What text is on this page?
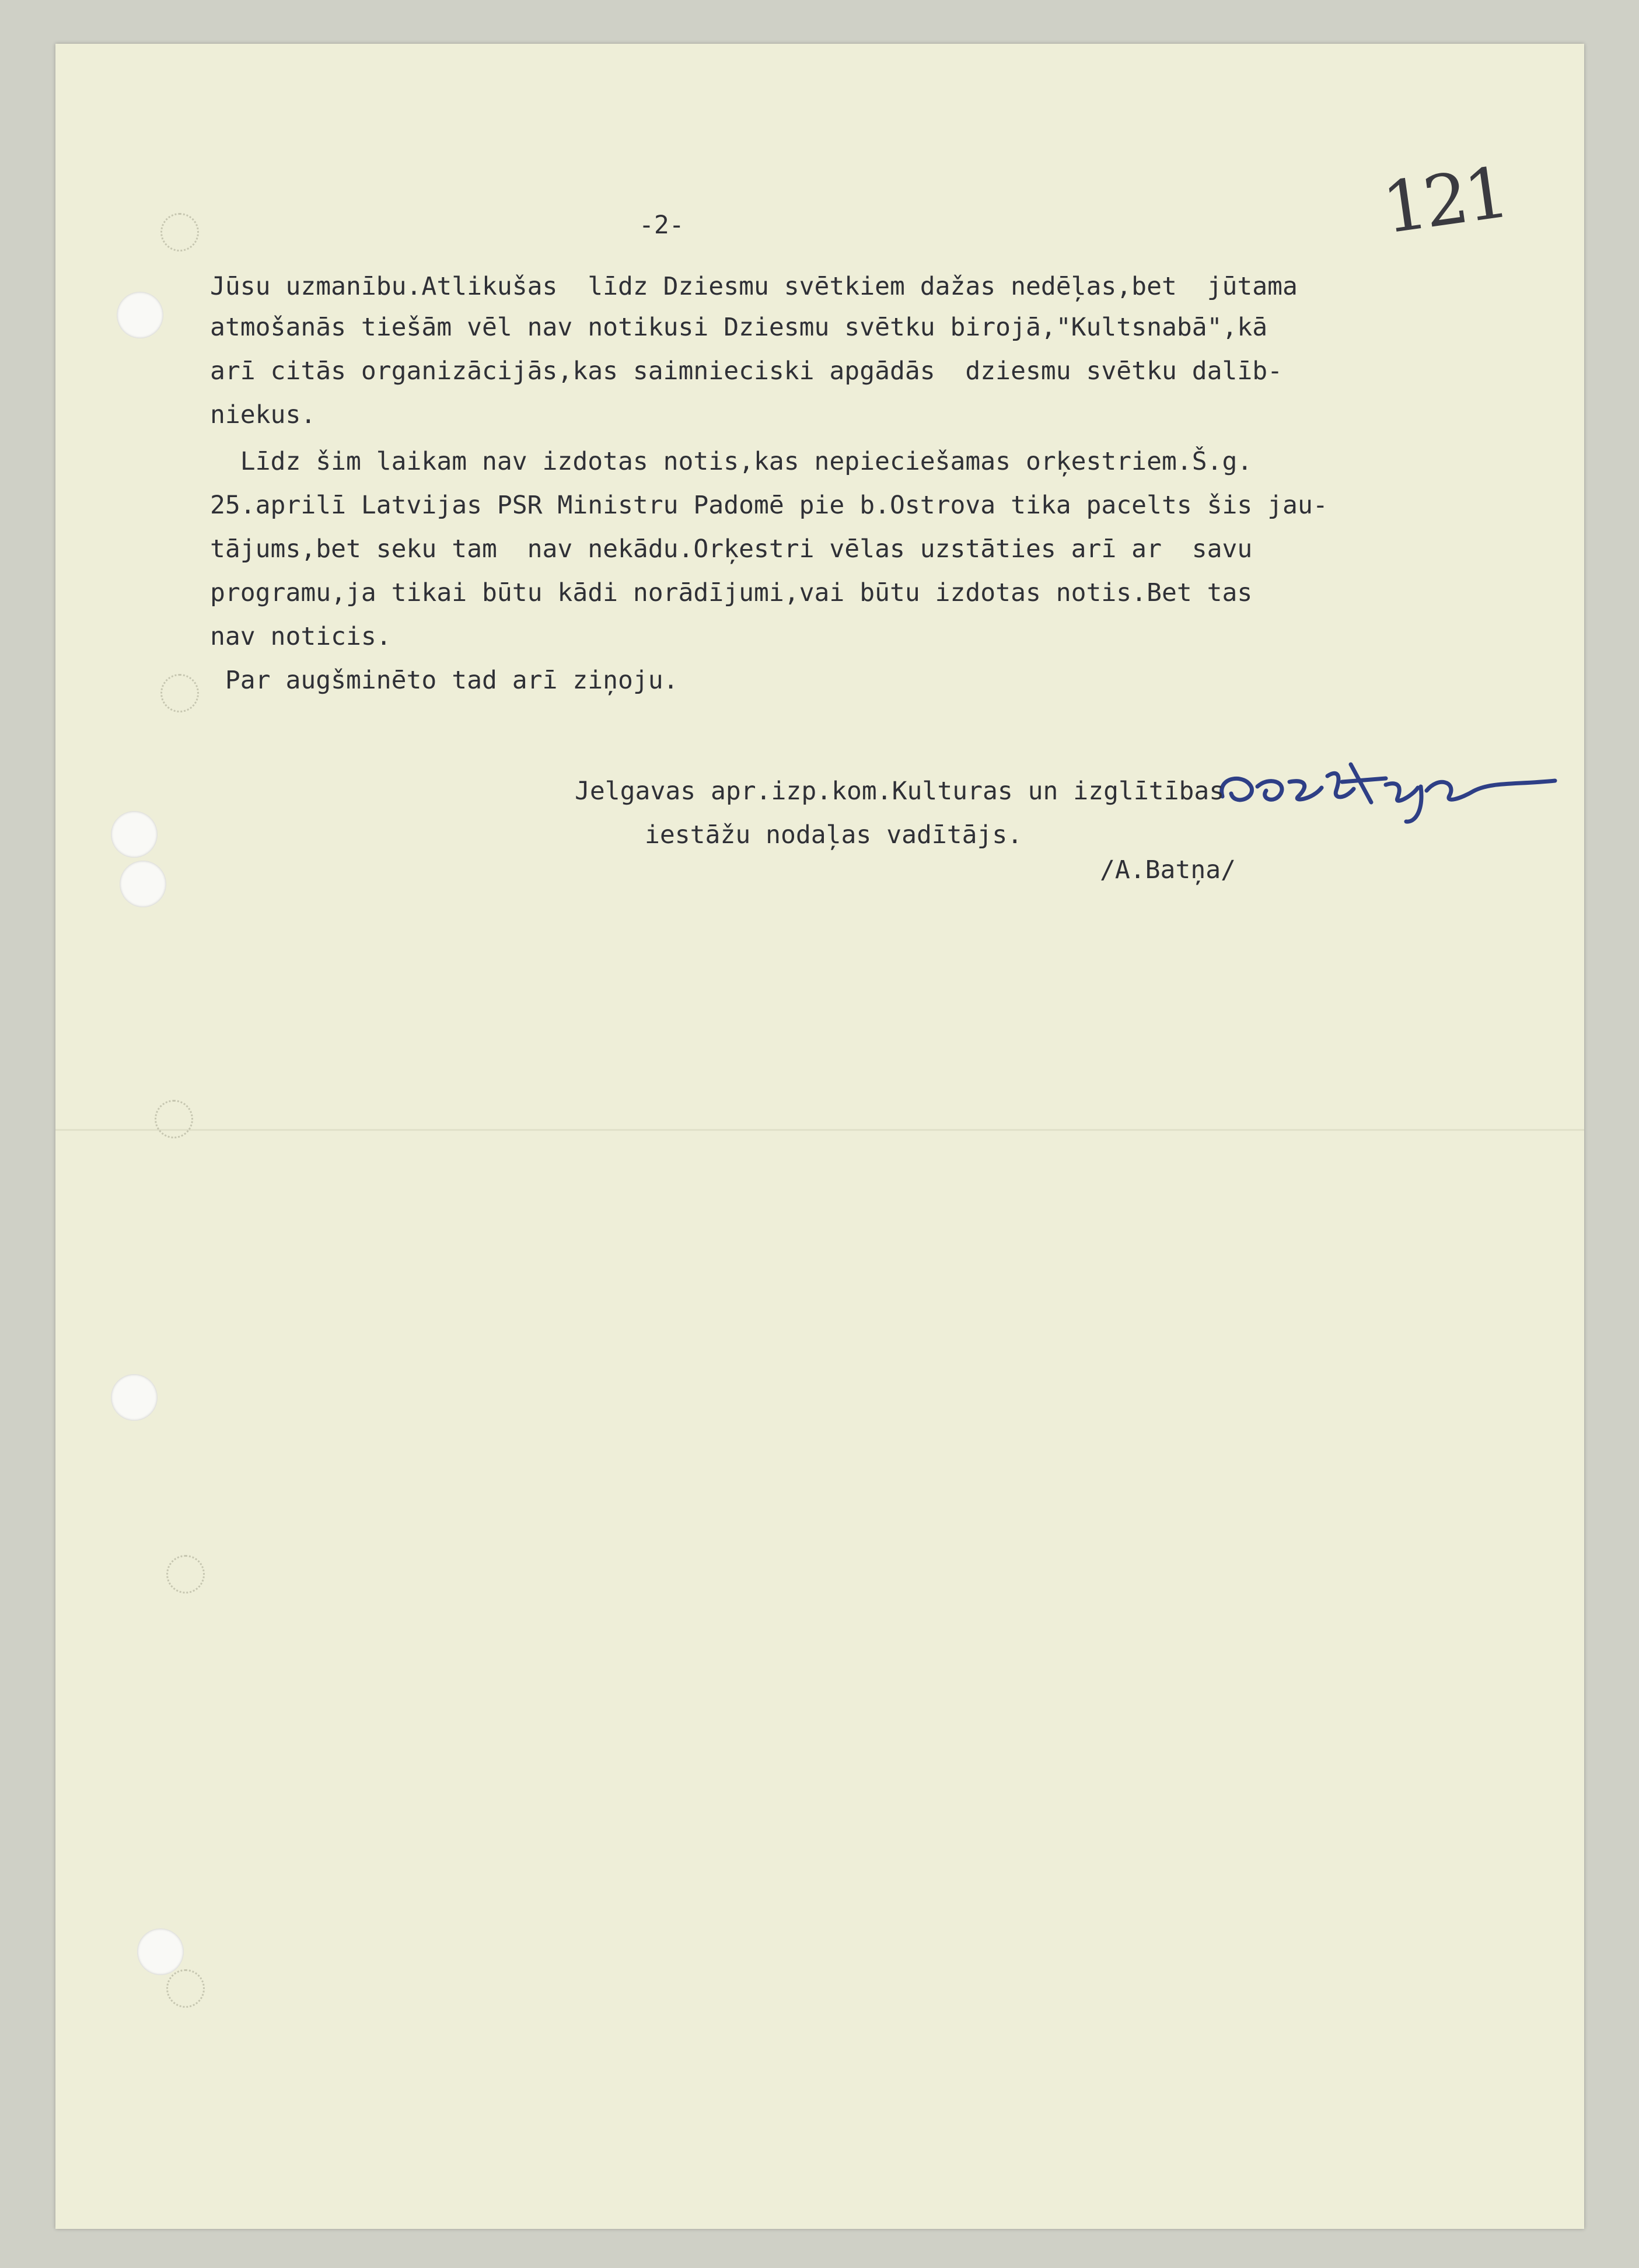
121
-2-
Jūsu uzmanību.Atlikušas  līdz Dziesmu svētkiem dažas nedēļas,bet  jūtama
atmošanās tiešām vēl nav notikusi Dziesmu svētku birojā,"Kultsnabā",kā
arī citās organizācijās,kas saimnieciski apgādās  dziesmu svētku dalīb-
niekus.
Līdz šim laikam nav izdotas notis,kas nepieciešamas orķestriem.Š.g.
25.aprilī Latvijas PSR Ministru Padomē pie b.Ostrova tika pacelts šis jau-
tājums,bet seku tam  nav nekādu.Orķestri vēlas uzstāties arī ar  savu
programu,ja tikai būtu kādi norādījumi,vai būtu izdotas notis.Bet tas
nav noticis.
Par augšminēto tad arī ziņoju.
Jelgavas apr.izp.kom.Kulturas un izglītības
iestāžu nodaļas vadītājs.
/A.Batņa/
